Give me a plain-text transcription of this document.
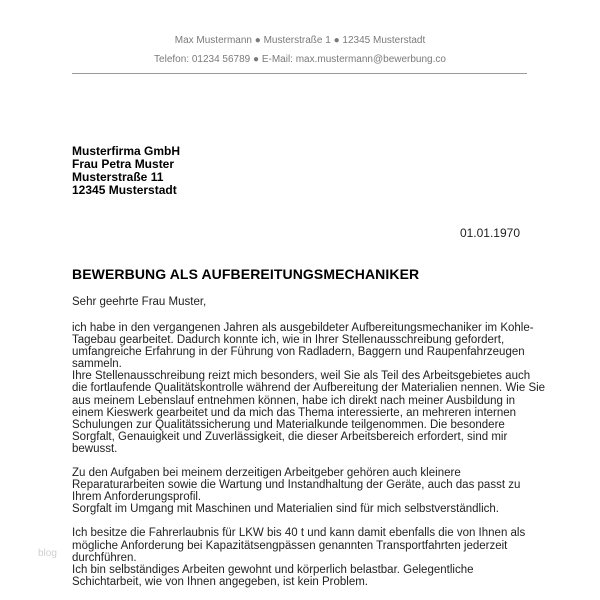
Max Mustermann ● Musterstraße 1 ● 12345 Musterstadt
Telefon: 01234 56789 ● E-Mail: max.mustermann@bewerbung.co
Musterfirma GmbH
Frau Petra Muster
Musterstraße 11
12345 Musterstadt
01.01.1970
BEWERBUNG ALS AUFBEREITUNGSMECHANIKER
Sehr geehrte Frau Muster,
ich habe in den vergangenen Jahren als ausgebildeter Aufbereitungsmechaniker im Kohle-
Tagebau gearbeitet. Dadurch konnte ich, wie in Ihrer Stellenausschreibung gefordert,
umfangreiche Erfahrung in der Führung von Radladern, Baggern und Raupenfahrzeugen
sammeln.
Ihre Stellenausschreibung reizt mich besonders, weil Sie als Teil des Arbeitsgebietes auch
die fortlaufende Qualitätskontrolle während der Aufbereitung der Materialien nennen. Wie Sie
aus meinem Lebenslauf entnehmen können, habe ich direkt nach meiner Ausbildung in
einem Kieswerk gearbeitet und da mich das Thema interessierte, an mehreren internen
Schulungen zur Qualitätssicherung und Materialkunde teilgenommen. Die besondere
Sorgfalt, Genauigkeit und Zuverlässigkeit, die dieser Arbeitsbereich erfordert, sind mir
bewusst.
Zu den Aufgaben bei meinem derzeitigen Arbeitgeber gehören auch kleinere
Reparaturarbeiten sowie die Wartung und Instandhaltung der Geräte, auch das passt zu
Ihrem Anforderungsprofil.
Sorgfalt im Umgang mit Maschinen und Materialien sind für mich selbstverständlich.
Ich besitze die Fahrerlaubnis für LKW bis 40 t und kann damit ebenfalls die von Ihnen als
mögliche Anforderung bei Kapazitätsengpässen genannten Transportfahrten jederzeit
durchführen.
Ich bin selbständiges Arbeiten gewohnt und körperlich belastbar. Gelegentliche
Schichtarbeit, wie von Ihnen angegeben, ist kein Problem.
blog
